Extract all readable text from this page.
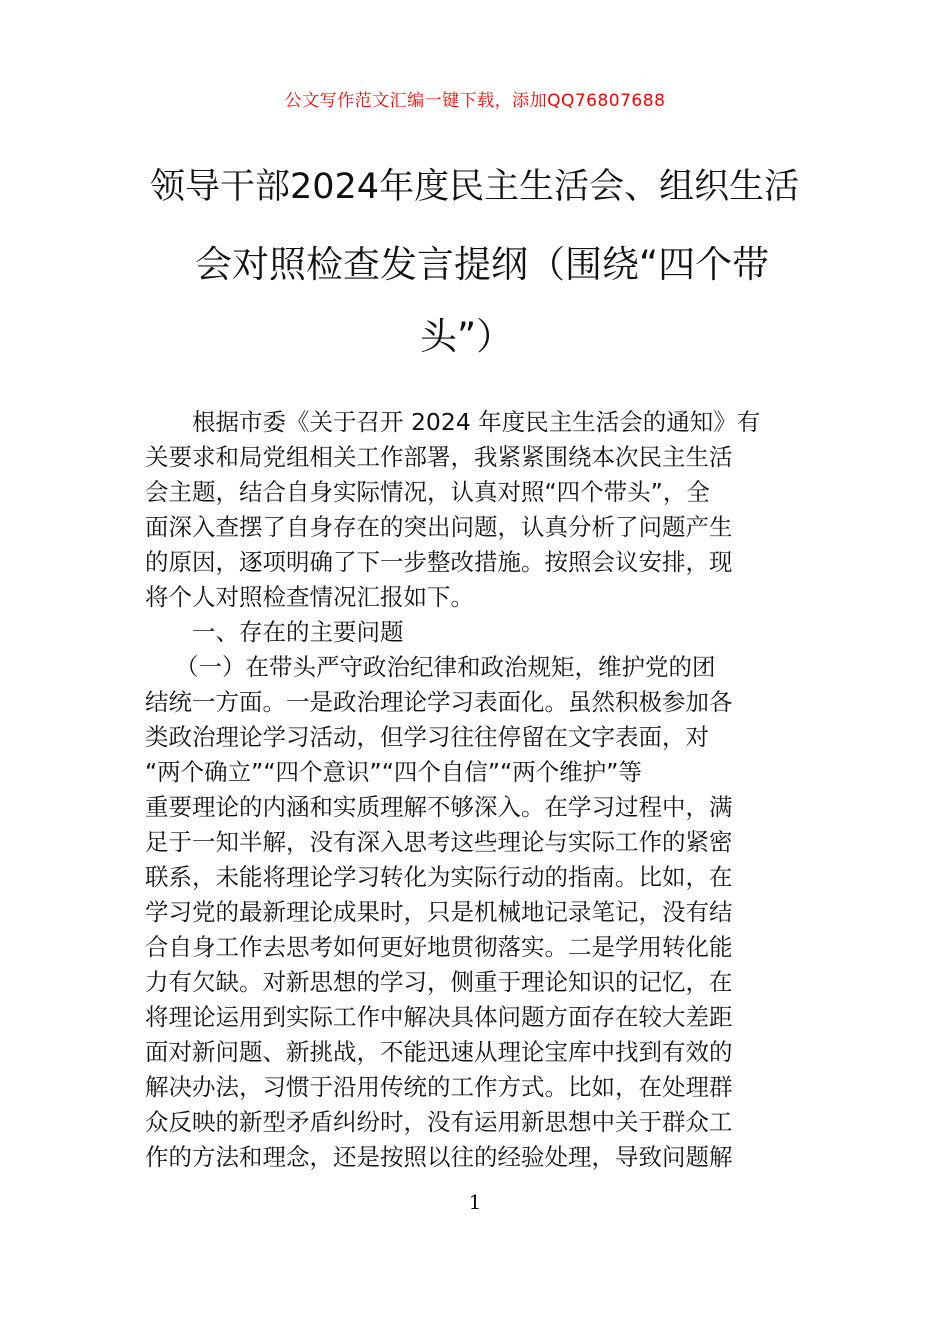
公文写作范文汇编一键下载，添加QQ76807688
领导干部2024年度民主生活会、组织生活
会对照检查发言提纲（围绕“四个带
头”）
根据市委《关于召开 2024 年度民主生活会的通知》有
关要求和局党组相关工作部署，我紧紧围绕本次民主生活
会主题，结合自身实际情况，认真对照“四个带头”，全
面深入查摆了自身存在的突出问题，认真分析了问题产生
的原因，逐项明确了下一步整改措施。按照会议安排，现
将个人对照检查情况汇报如下。
一、存在的主要问题
（一）在带头严守政治纪律和政治规矩，维护党的团
结统一方面。一是政治理论学习表面化。虽然积极参加各
类政治理论学习活动，但学习往往停留在文字表面，对
“两个确立”“四个意识”“四个自信”“两个维护”等
重要理论的内涵和实质理解不够深入。在学习过程中，满
足于一知半解，没有深入思考这些理论与实际工作的紧密
联系，未能将理论学习转化为实际行动的指南。比如，在
学习党的最新理论成果时，只是机械地记录笔记，没有结
合自身工作去思考如何更好地贯彻落实。二是学用转化能
力有欠缺。对新思想的学习，侧重于理论知识的记忆，在
将理论运用到实际工作中解决具体问题方面存在较大差距
面对新问题、新挑战，不能迅速从理论宝库中找到有效的
解决办法，习惯于沿用传统的工作方式。比如，在处理群
众反映的新型矛盾纠纷时，没有运用新思想中关于群众工
作的方法和理念，还是按照以往的经验处理，导致问题解
1
